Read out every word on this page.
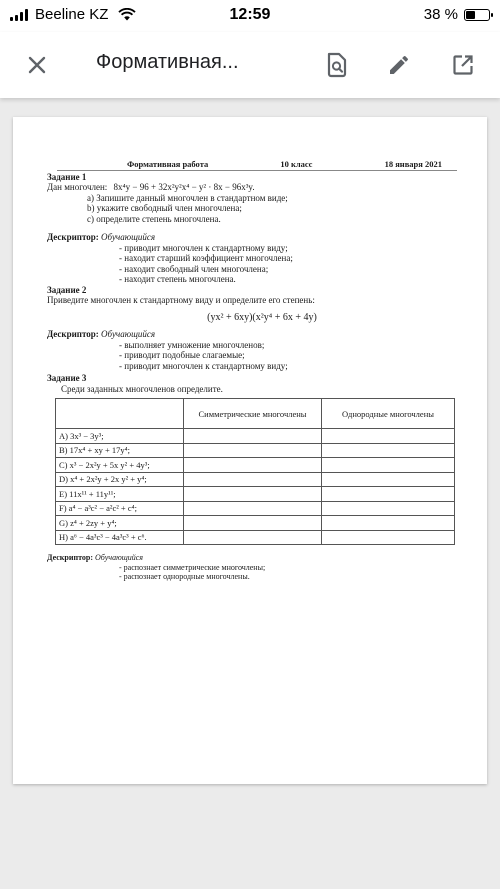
Beeline KZ	12:59	38 %
Формативная...
Формативная работа	10 класс	18 января 2021
Задание 1
Дан многочлен: 8x⁴y − 96 + 32x²y²x⁴ − y² · 8x − 96x³y.
a) Запишите данный многочлен в стандартном виде;
b) укажите свободный член многочлена;
c) определите степень многочлена.
Дескриптор: Обучающийся
- приводит многочлен к стандартному виду;
- находит старший коэффициент многочлена;
- находит свободный член многочлена;
- находит степень многочлена.
Задание 2
Приведите многочлен к стандартному виду и определите его степень:
(yx² + 6xy)(x²y⁴ + 6x + 4y)
Дескриптор: Обучающийся
- выполняет умножение многочленов;
- приводит подобные слагаемые;
- приводит многочлен к стандартному виду;
Задание 3
Среди заданных многочленов определите.
	Симметрические многочлены	Однородные многочлены
A) 3x³ − 3y³;		
B) 17x⁴ + xy + 17y⁴;		
C) x³ − 2x²y + 5x y² + 4y³;		
D) x⁴ + 2x²y + 2x y² + y⁴;		
E) 11x¹¹ + 11y¹¹;		
F) a⁴ − a³c² − a²c² + c⁴;		
G) z⁴ + 2zy + y⁴;		
H) a⁶ − 4a³c³ − 4a³c³ + c⁶.		
Дескриптор: Обучающийся
- распознает симметрические многочлены;
- распознает однородные многочлены.
